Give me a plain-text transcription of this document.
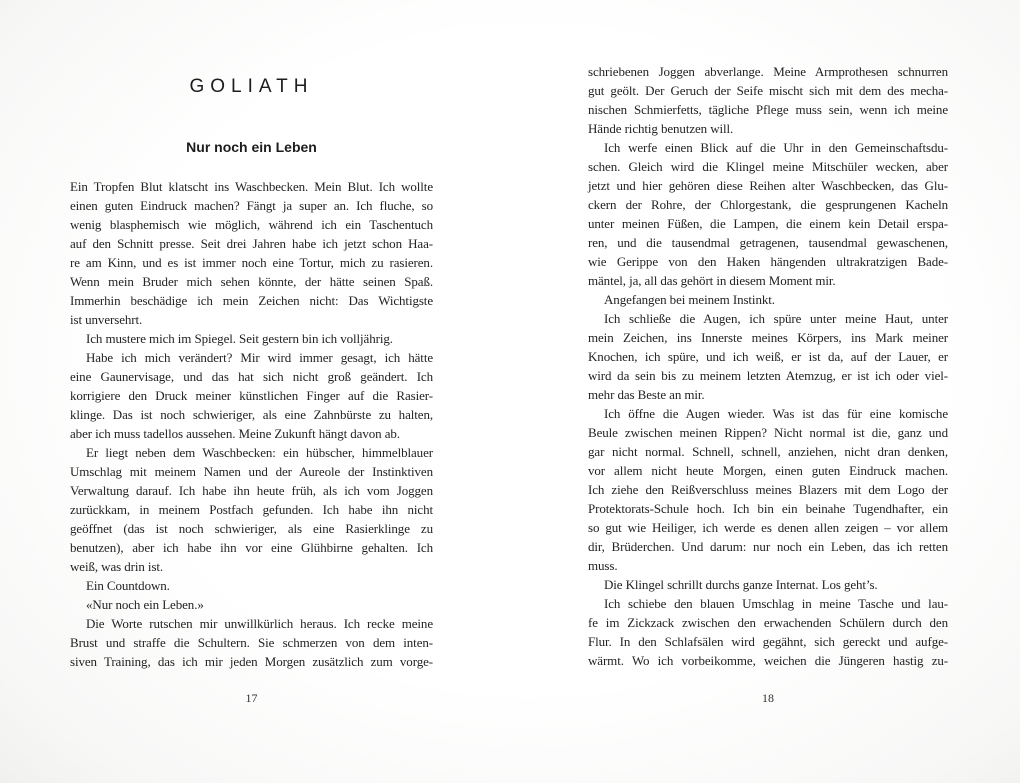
GOLIATH
Nur noch ein Leben
Ein Tropfen Blut klatscht ins Waschbecken. Mein Blut. Ich wollte
einen guten Eindruck machen? Fängt ja super an. Ich fluche, so
wenig blasphemisch wie möglich, während ich ein Taschentuch
auf den Schnitt presse. Seit drei Jahren habe ich jetzt schon Haa-
re am Kinn, und es ist immer noch eine Tortur, mich zu rasieren.
Wenn mein Bruder mich sehen könnte, der hätte seinen Spaß.
Immerhin beschädige ich mein Zeichen nicht: Das Wichtigste
ist unversehrt.
Ich mustere mich im Spiegel. Seit gestern bin ich volljährig.
Habe ich mich verändert? Mir wird immer gesagt, ich hätte
eine Gaunervisage, und das hat sich nicht groß geändert. Ich
korrigiere den Druck meiner künstlichen Finger auf die Rasier-
klinge. Das ist noch schwieriger, als eine Zahnbürste zu halten,
aber ich muss tadellos aussehen. Meine Zukunft hängt davon ab.
Er liegt neben dem Waschbecken: ein hübscher, himmelblauer
Umschlag mit meinem Namen und der Aureole der Instinktiven
Verwaltung darauf. Ich habe ihn heute früh, als ich vom Joggen
zurückkam, in meinem Postfach gefunden. Ich habe ihn nicht
geöffnet (das ist noch schwieriger, als eine Rasierklinge zu
benutzen), aber ich habe ihn vor eine Glühbirne gehalten. Ich
weiß, was drin ist.
Ein Countdown.
«Nur noch ein Leben.»
Die Worte rutschen mir unwillkürlich heraus. Ich recke meine
Brust und straffe die Schultern. Sie schmerzen von dem inten-
siven Training, das ich mir jeden Morgen zusätzlich zum vorge-
17
schriebenen Joggen abverlange. Meine Armprothesen schnurren
gut geölt. Der Geruch der Seife mischt sich mit dem des mecha-
nischen Schmierfetts, tägliche Pflege muss sein, wenn ich meine
Hände richtig benutzen will.
Ich werfe einen Blick auf die Uhr in den Gemeinschaftsdu-
schen. Gleich wird die Klingel meine Mitschüler wecken, aber
jetzt und hier gehören diese Reihen alter Waschbecken, das Glu-
ckern der Rohre, der Chlorgestank, die gesprungenen Kacheln
unter meinen Füßen, die Lampen, die einem kein Detail erspa-
ren, und die tausendmal getragenen, tausendmal gewaschenen,
wie Gerippe von den Haken hängenden ultrakratzigen Bade-
mäntel, ja, all das gehört in diesem Moment mir.
Angefangen bei meinem Instinkt.
Ich schließe die Augen, ich spüre unter meine Haut, unter
mein Zeichen, ins Innerste meines Körpers, ins Mark meiner
Knochen, ich spüre, und ich weiß, er ist da, auf der Lauer, er
wird da sein bis zu meinem letzten Atemzug, er ist ich oder viel-
mehr das Beste an mir.
Ich öffne die Augen wieder. Was ist das für eine komische
Beule zwischen meinen Rippen? Nicht normal ist die, ganz und
gar nicht normal. Schnell, schnell, anziehen, nicht dran denken,
vor allem nicht heute Morgen, einen guten Eindruck machen.
Ich ziehe den Reißverschluss meines Blazers mit dem Logo der
Protektorats-Schule hoch. Ich bin ein beinahe Tugendhafter, ein
so gut wie Heiliger, ich werde es denen allen zeigen – vor allem
dir, Brüderchen. Und darum: nur noch ein Leben, das ich retten
muss.
Die Klingel schrillt durchs ganze Internat. Los geht’s.
Ich schiebe den blauen Umschlag in meine Tasche und lau-
fe im Zickzack zwischen den erwachenden Schülern durch den
Flur. In den Schlafsälen wird gegähnt, sich gereckt und aufge-
wärmt. Wo ich vorbeikomme, weichen die Jüngeren hastig zu-
18
